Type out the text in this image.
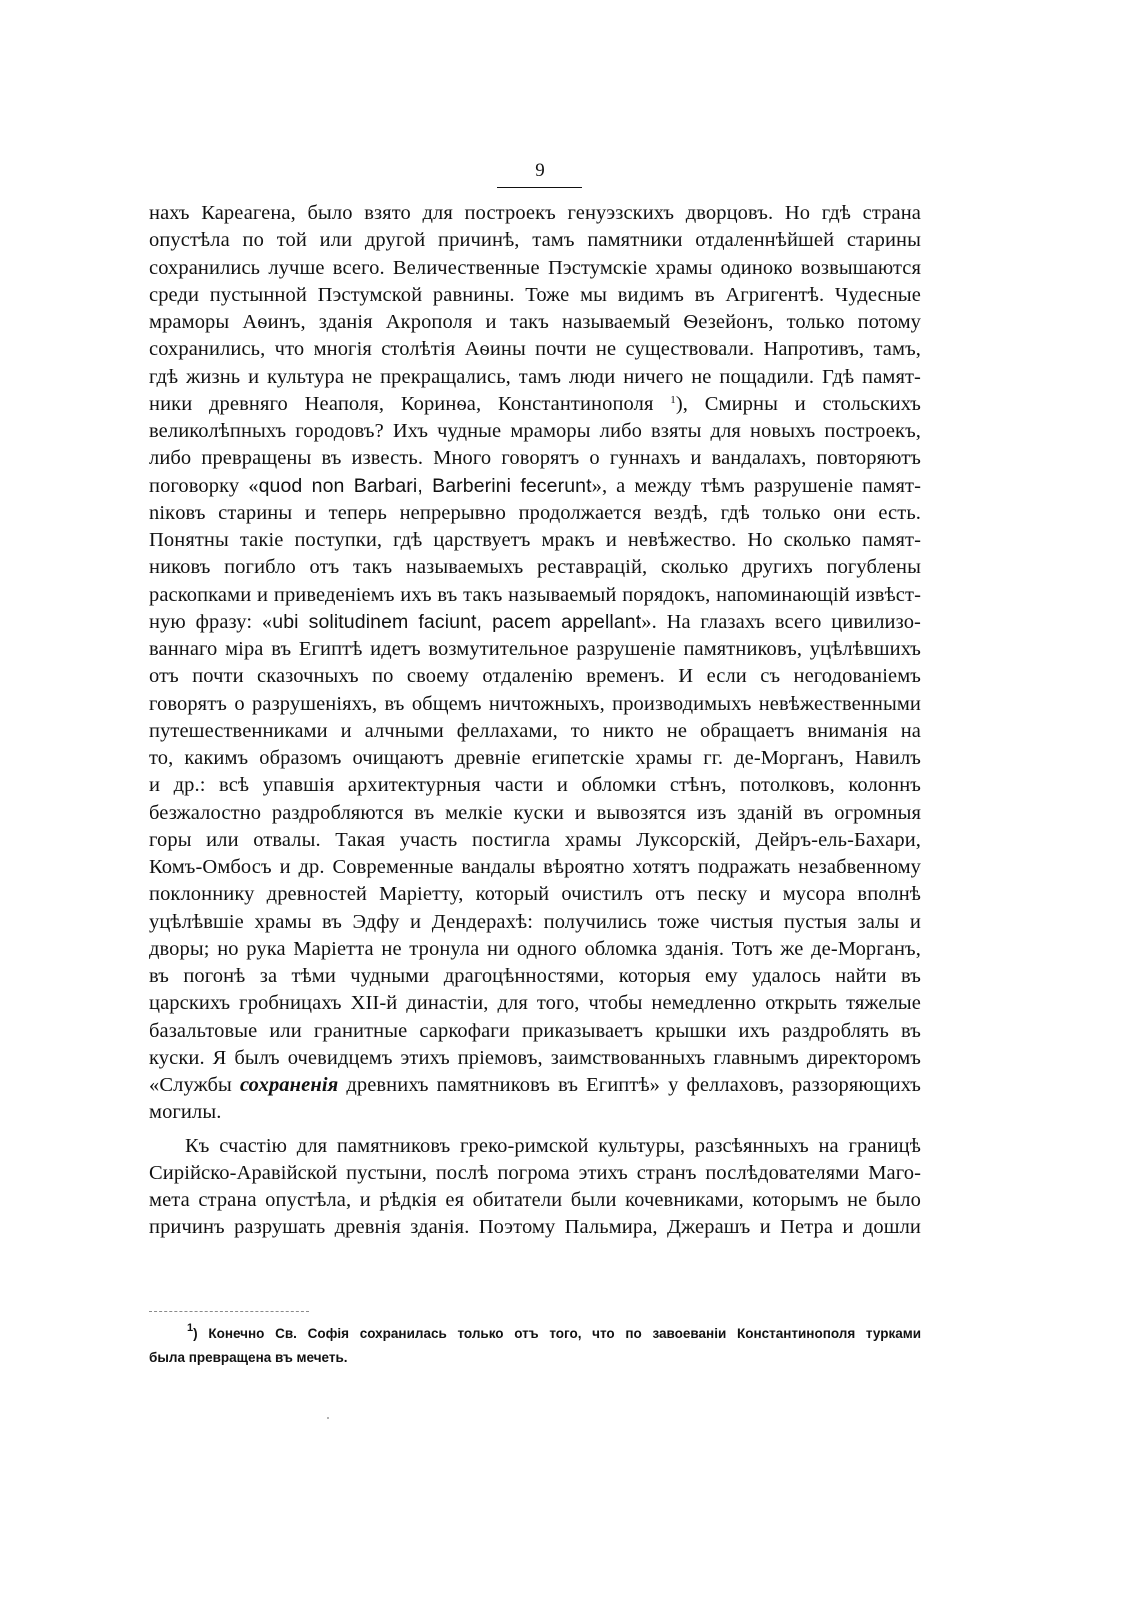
9
нахъ Кареагена, было взято для построекъ генуэзскихъ дворцовъ. Но гдѣ страна
опустѣла по той или другой причинѣ, тамъ памятники отдаленнѣйшей старины
сохранились лучше всего. Величественные Пэстумскіе храмы одиноко возвышаются
среди пустынной Пэстумской равнины. Тоже мы видимъ въ Агригентѣ. Чудесные
мраморы Аѳинъ, зданія Акрополя и такъ называемый Ѳезейонъ, только потому
сохранились, что многія столѣтія Аѳины почти не существовали. Напротивъ, тамъ,
гдѣ жизнь и культура не прекращались, тамъ люди ничего не пощадили. Гдѣ памят-
ники древняго Неаполя, Коринѳа, Константинополя $^1$), Смирны и стольскихъ
великолѣпныхъ городовъ? Ихъ чудные мраморы либо взяты для новыхъ построекъ,
либо превращены въ известь. Много говорятъ о гуннахъ и вандалахъ, повторяютъ
поговорку «quod non Barbari, Barberini fecerunt», а между тѣмъ разрушеніе памят-
niкoвъ старины и теперь непрерывно продолжается вездѣ, гдѣ только они есть.
Понятны такіе поступки, гдѣ царствуетъ мракъ и невѣжество. Но сколько памят-
никовъ погибло отъ такъ называемыхъ реставрацій, сколько другихъ погублены
раскопками и приведеніемъ ихъ въ такъ называемый порядокъ, напоминающій извѣст-
ную фразу: «ubi solitudinem faciunt, pacem appellant». На глазахъ всего цивилизо-
ваннаго міра въ Египтѣ идетъ возмутительное разрушеніе памятниковъ, уцѣлѣвшихъ
отъ почти сказочныхъ по своему отдаленію временъ. И если съ негодованіемъ
говорятъ о разрушеніяхъ, въ общемъ ничтожныхъ, производимыхъ невѣжественными
путешественниками и алчными феллахами, то никто не обращаетъ вниманія на
то, какимъ образомъ очищаютъ древніе египетскіе храмы гг. де-Морганъ, Навилъ
и др.: всѣ упавшія архитектурныя части и обломки стѣнъ, потолковъ, колоннъ
безжалостно раздробляются въ мелкіе куски и вывозятся изъ зданій въ огромныя
горы или отвалы. Такая участь постигла храмы Луксорскій, Дейръ-ель-Бахари,
Комъ-Омбосъ и др. Современные вандалы вѣроятно хотятъ подражать незабвенному
поклоннику древностей Маріетту, который очистилъ отъ песку и мусора вполнѣ
уцѣлѣвшіе храмы въ Эдфу и Дендерахѣ: получились тоже чистыя пустыя залы и
дворы; но рука Маріетта не тронула ни одного обломка зданія. Тотъ же де-Морганъ,
въ погонѣ за тѣми чудными драгоцѣнностями, которыя ему удалось найти въ
царскихъ гробницахъ XII-й династіи, для того, чтобы немедленно открыть тяжелые
базальтовые или гранитные саркофаги приказываетъ крышки ихъ раздроблять въ
куски. Я былъ очевидцемъ этихъ пріемовъ, заимствованныхъ главнымъ директоромъ
«Службы сохраненія древнихъ памятниковъ въ Египтѣ» у феллаховъ, раззоряющихъ
могилы.
Къ счастію для памятниковъ греко-римской культуры, разсѣянныхъ на границѣ
Сирійско-Аравійской пустыни, послѣ погрома этихъ странъ послѣдователями Маго-
мета страна опустѣла, и рѣдкія ея обитатели были кочевниками, которымъ не было
причинъ разрушать древнія зданія. Поэтому Пальмира, Джерашъ и Петра и дошли
$^1$) Конечно Св. Софія сохранилась только отъ того, что по завоеваніи Константинополя турками
была превращена въ мечеть.
